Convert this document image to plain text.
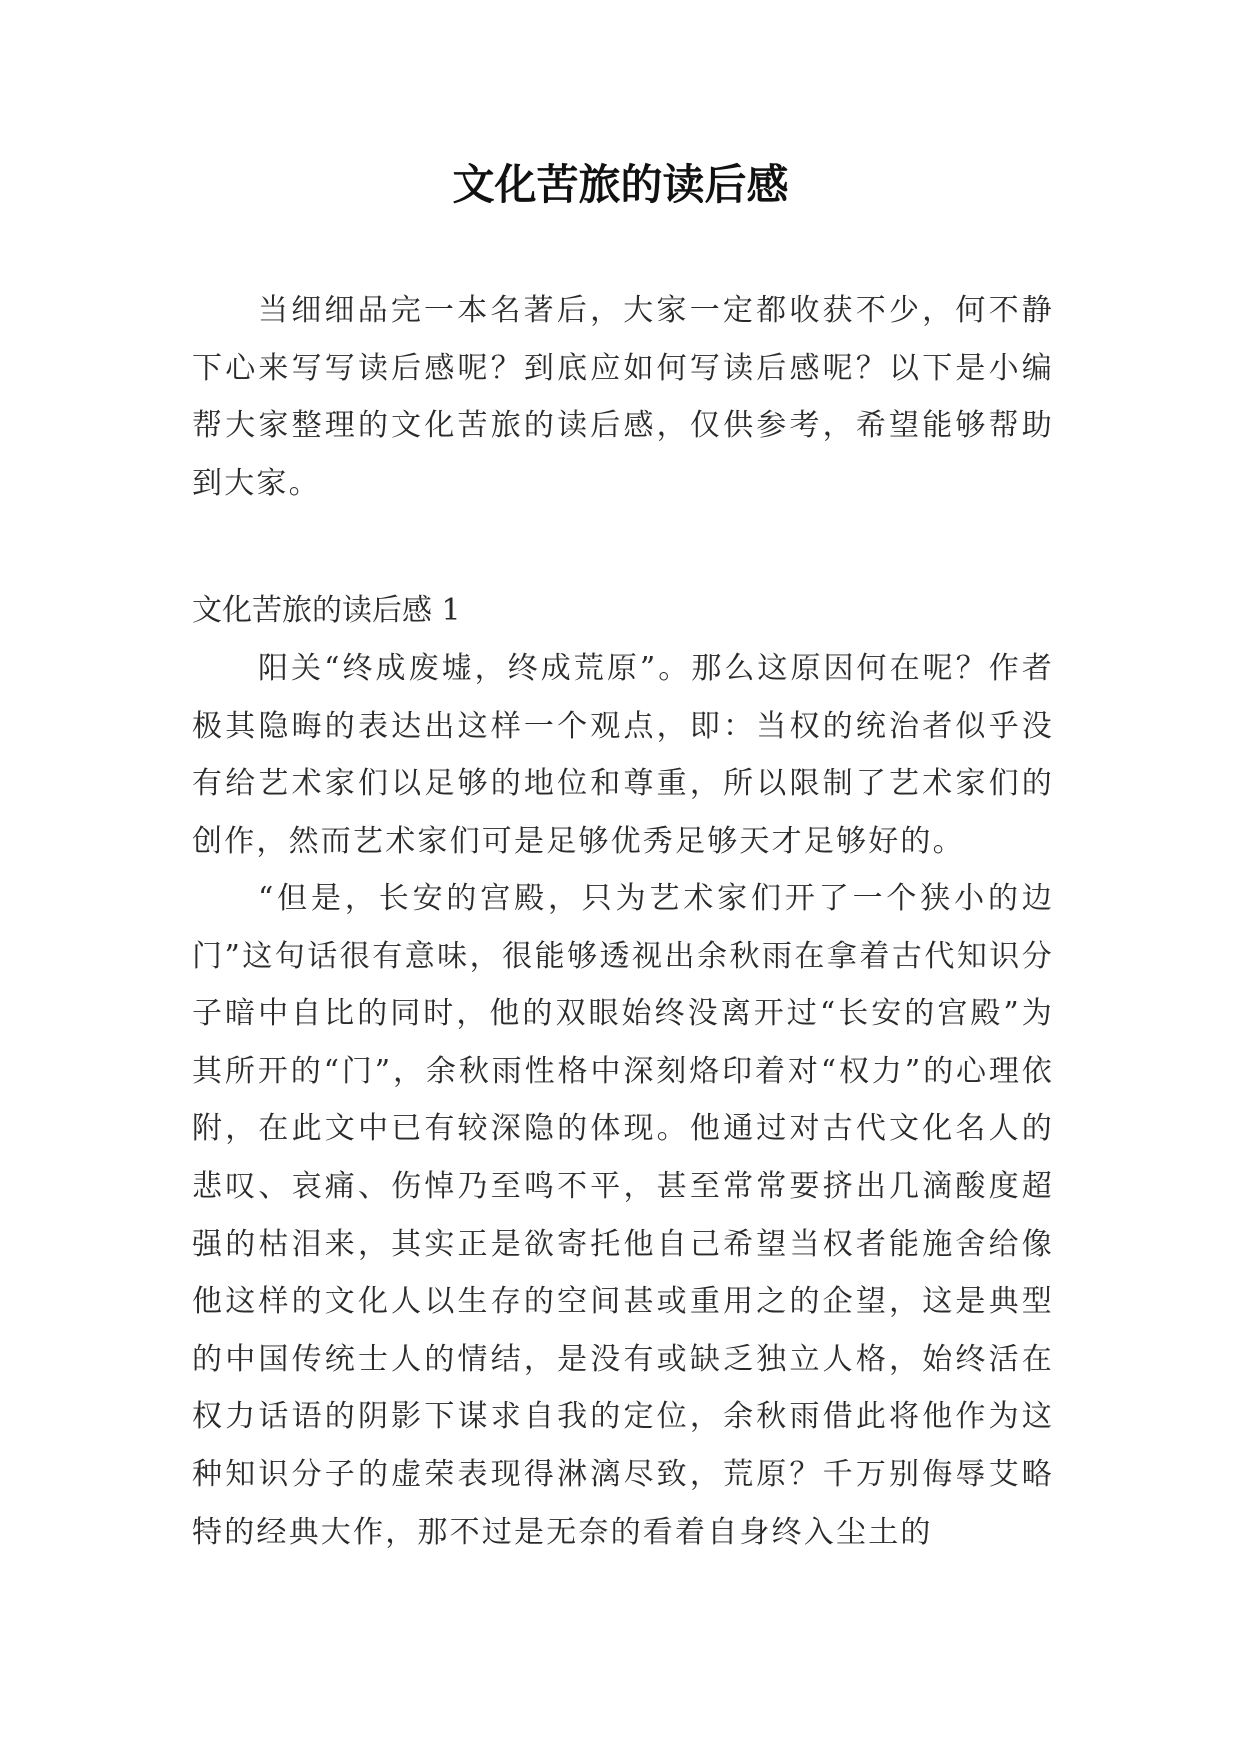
文化苦旅的读后感

当细细品完一本名著后，大家一定都收获不少，何不静下心来写写读后感呢？到底应如何写读后感呢？以下是小编帮大家整理的文化苦旅的读后感，仅供参考，希望能够帮助到大家。

文化苦旅的读后感 1

阳关“终成废墟，终成荒原”。那么这原因何在呢？作者极其隐晦的表达出这样一个观点，即：当权的统治者似乎没有给艺术家们以足够的地位和尊重，所以限制了艺术家们的创作，然而艺术家们可是足够优秀足够天才足够好的。

“但是，长安的宫殿，只为艺术家们开了一个狭小的边门”这句话很有意味，很能够透视出余秋雨在拿着古代知识分子暗中自比的同时，他的双眼始终没离开过“长安的宫殿”为其所开的“门”，余秋雨性格中深刻烙印着对“权力”的心理依附，在此文中已有较深隐的体现。他通过对古代文化名人的悲叹、哀痛、伤悼乃至鸣不平，甚至常常要挤出几滴酸度超强的枯泪来，其实正是欲寄托他自己希望当权者能施舍给像他这样的文化人以生存的空间甚或重用之的企望，这是典型的中国传统士人的情结，是没有或缺乏独立人格，始终活在权力话语的阴影下谋求自我的定位，余秋雨借此将他作为这种知识分子的虚荣表现得淋漓尽致，荒原？千万别侮辱艾略特的经典大作，那不过是无奈的看着自身终入尘土的
